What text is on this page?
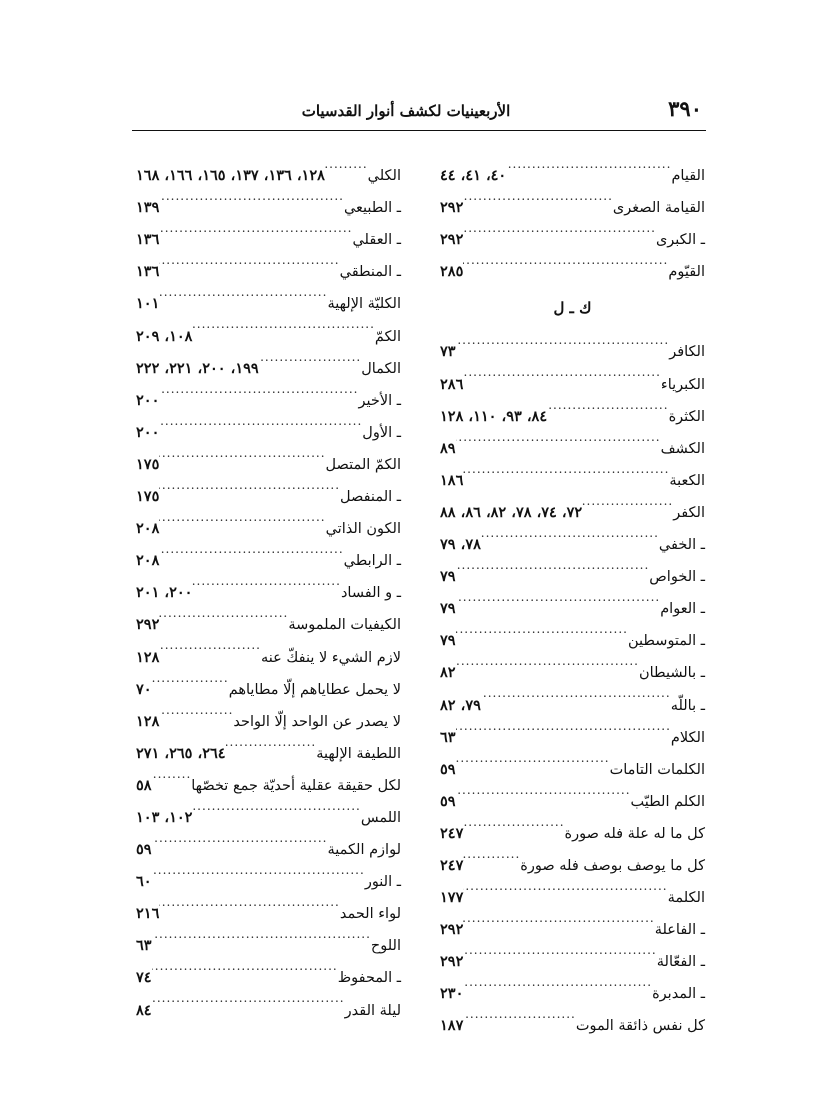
٣٩٠
الأربعينيات لكشف أنوار القدسيات
القيام
.....
٤٠، ٤١، ٤٤
القيامة الصغرى
.....
٢٩٢
ـ الكبرى
.....
٢٩٢
القيّوم
.....
٢٨٥
ك ـ ل
الكافر
.....
٧٣
الكبرياء
.....
٢٨٦
الكثرة
.....
٨٤، ٩٣، ١١٠، ١٢٨
الكشف
.....
٨٩
الكعبة
.....
١٨٦
الكفر
.....
٧٢، ٧٤، ٧٨، ٨٢، ٨٦، ٨٨
ـ الخفي
.....
٧٨، ٧٩
ـ الخواص
.....
٧٩
ـ العوام
.....
٧٩
ـ المتوسطين
.....
٧٩
ـ بالشيطان
.....
٨٢
ـ باللّه
.....
٧٩، ٨٢
الكلام
.....
٦٣
الكلمات التامات
.....
٥٩
الكلم الطيّب
.....
٥٩
كل ما له علة فله صورة
.....
٢٤٧
كل ما يوصف بوصف فله صورة
.....
٢٤٧
الكلمة
.....
١٧٧
ـ الفاعلة
.....
٢٩٢
ـ الفعّالة
.....
٢٩٢
ـ المدبرة
.....
٢٣٠
كل نفس ذائقة الموت
.....
١٨٧
الكلي
.....
١٢٨، ١٣٦، ١٣٧، ١٦٥، ١٦٦، ١٦٨
ـ الطبيعي
.....
١٣٩
ـ العقلي
.....
١٣٦
ـ المنطقي
.....
١٣٦
الكليّة الإلهية
.....
١٠١
الكمّ
.....
١٠٨، ٢٠٩
الكمال
.....
١٩٩، ٢٠٠، ٢٢١، ٢٢٢
ـ الأخير
.....
٢٠٠
ـ الأول
.....
٢٠٠
الكمّ المتصل
.....
١٧٥
ـ المنفصل
.....
١٧٥
الكون الذاتي
.....
٢٠٨
ـ الرابطي
.....
٢٠٨
ـ و الفساد
.....
٢٠٠، ٢٠١
الكيفيات الملموسة
.....
٢٩٢
لازم الشيء لا ينفكّ عنه
.....
١٢٨
لا يحمل عطاياهم إلّا مطاياهم
.....
٧٠
لا يصدر عن الواحد إلّا الواحد
.....
١٢٨
اللطيفة الإلهية
.....
٢٦٤، ٢٦٥، ٢٧١
لكل حقيقة عقلية أحديّة جمع تخصّها
.....
٥٨
اللمس
.....
١٠٢، ١٠٣
لوازم الكمية
.....
٥٩
ـ النور
.....
٦٠
لواء الحمد
.....
٢١٦
اللوح
.....
٦٣
ـ المحفوظ
.....
٧٤
ليلة القدر
.....
٨٤
